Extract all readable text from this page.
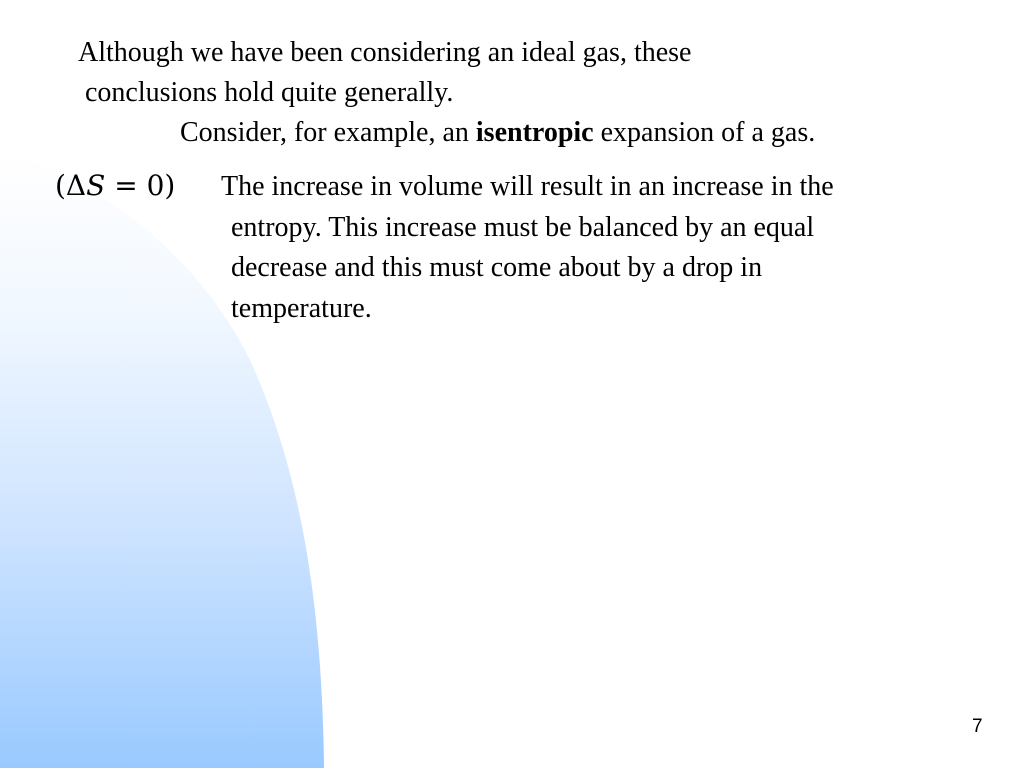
Although we have been considering an ideal gas, these
conclusions hold quite generally.

Consider, for example, an isentropic expansion of a gas.

(ΔS = 0) The increase in volume will result in an increase in the
entropy. This increase must be balanced by an equal
decrease and this must come about by a drop in
temperature.

7
